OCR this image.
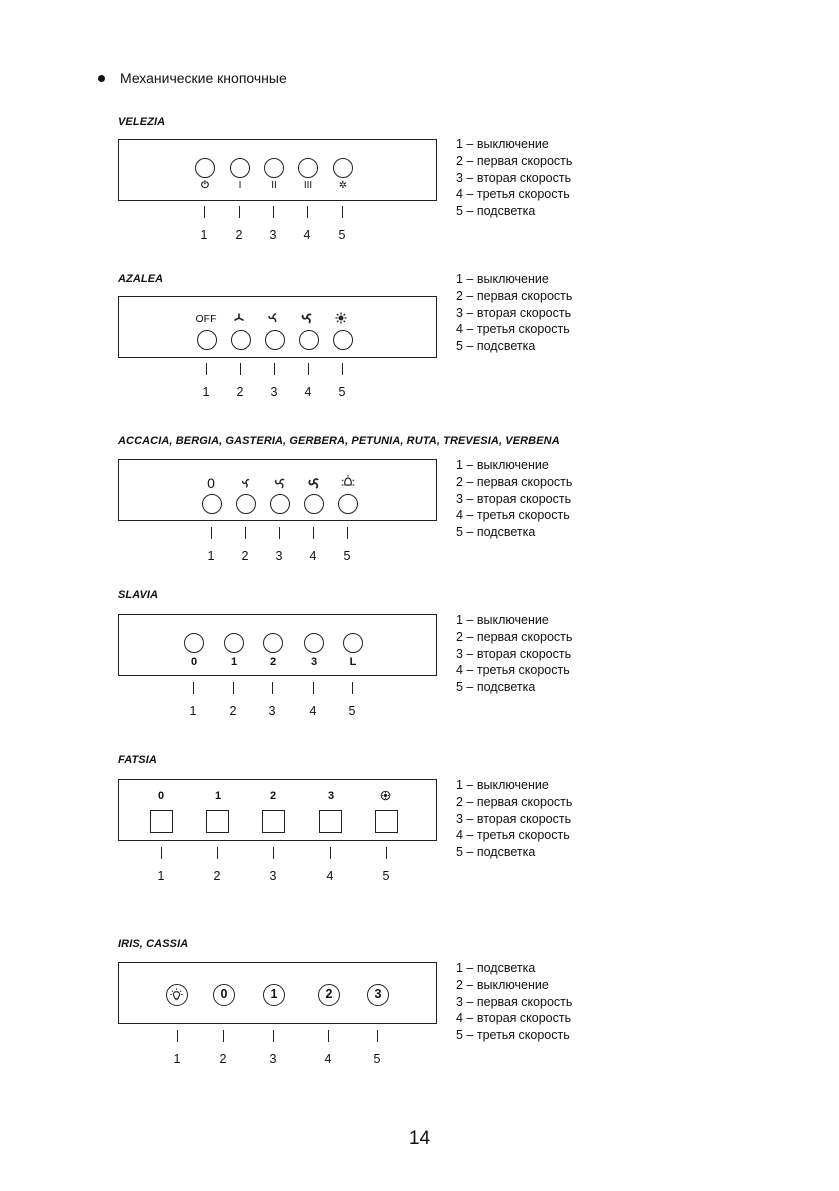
Механические кнопочные
VELEZIA
⏻	I	II	III	✲
1	2	3	4	5
1 – выключение
2 – первая скорость
3 – вторая скорость
4 – третья скорость
5 – подсветка
AZALEA
OFF
1	2	3	4	5
1 – выключение
2 – первая скорость
3 – вторая скорость
4 – третья скорость
5 – подсветка
ACCACIA, BERGIA, GASTERIA, GERBERA, PETUNIA, RUTA, TREVESIA, VERBENA
0
1	2	3	4	5
1 – выключение
2 – первая скорость
3 – вторая скорость
4 – третья скорость
5 – подсветка
SLAVIA
0	1	2	3	L
1	2	3	4	5
1 – выключение
2 – первая скорость
3 – вторая скорость
4 – третья скорость
5 – подсветка
FATSIA
0	1	2	3
1	2	3	4	5
1 – выключение
2 – первая скорость
3 – вторая скорость
4 – третья скорость
5 – подсветка
IRIS, CASSIA
0	1	2	3
1	2	3	4	5
1 – подсветка
2 – выключение
3 – первая скорость
4 – вторая скорость
5 – третья скорость
14
